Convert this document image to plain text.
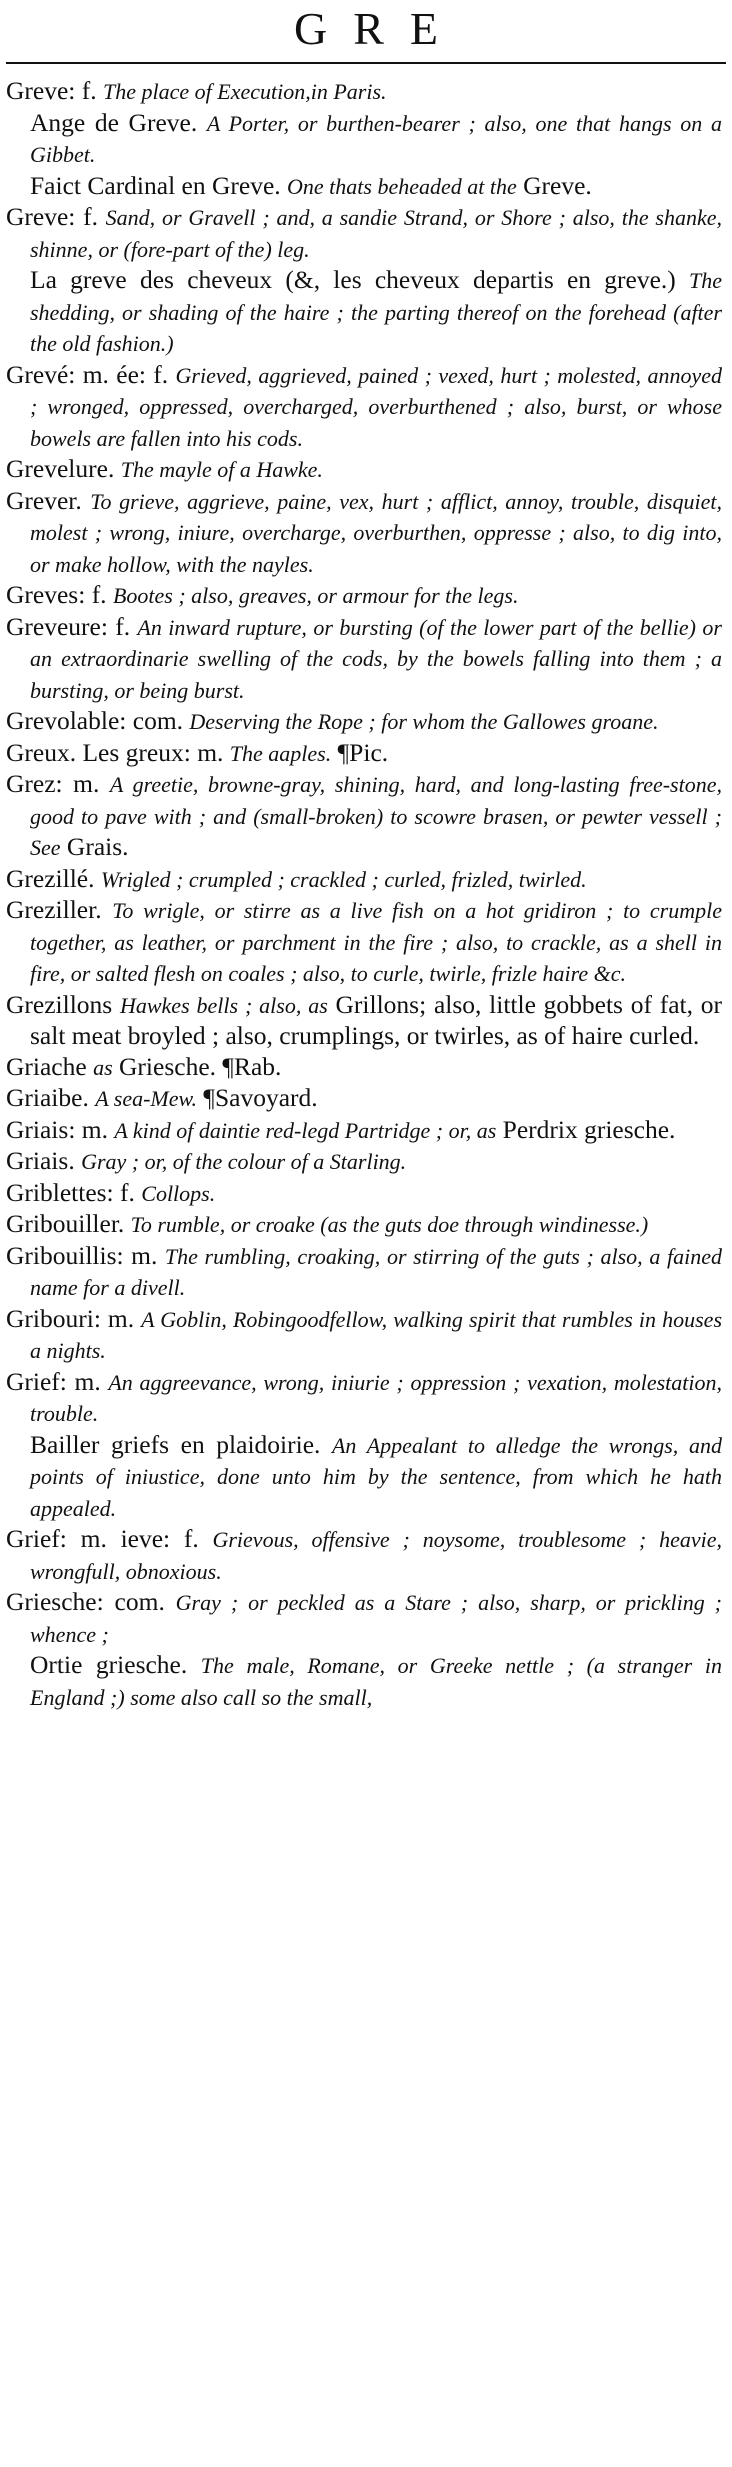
GRE

Greve: f. The place of Execution,in Paris.

Ange de Greve. A Porter, or burthen-bearer ; also, one that hangs on a Gibbet.

Faict Cardinal en Greve. One thats beheaded at the Greve.

Greve: f. Sand, or Gravell ; and, a sandie Strand, or Shore ; also, the shanke, shinne, or (fore-part of the) leg.

La greve des cheveux (&, les cheveux departis en greve.) The shedding, or shading of the haire ; the parting thereof on the forehead (after the old fashion.)

Grevé: m. ée: f. Grieved, aggrieved, pained ; vexed, hurt ; molested, annoyed ; wronged, oppressed, overcharged, overburthened ; also, burst, or whose bowels are fallen into his cods.

Grevelure. The mayle of a Hawke.

Grever. To grieve, aggrieve, paine, vex, hurt ; afflict, annoy, trouble, disquiet, molest ; wrong, iniure, overcharge, overburthen, oppresse ; also, to dig into, or make hollow, with the nayles.

Greves: f. Bootes ; also, greaves, or armour for the legs.

Greveure: f. An inward rupture, or bursting (of the lower part of the bellie) or an extraordinarie swelling of the cods, by the bowels falling into them ; a bursting, or being burst.

Grevolable: com. Deserving the Rope ; for whom the Gallowes groane.

Greux. Les greux: m. The aaples. ¶Pic.

Grez: m. A greetie, browne-gray, shining, hard, and long-lasting free-stone, good to pave with ; and (small-broken) to scowre brasen, or pewter vessell ; See Grais.

Grezillé. Wrigled ; crumpled ; crackled ; curled, frizled, twirled.

Greziller. To wrigle, or stirre as a live fish on a hot gridiron ; to crumple together, as leather, or parchment in the fire ; also, to crackle, as a shell in fire, or salted flesh on coales ; also, to curle, twirle, frizle haire &c.

Grezillons Hawkes bells ; also, as Grillons; also, little gobbets of fat, or salt meat broyled ; also, crumplings, or twirles, as of haire curled.

Griache as Griesche. ¶Rab.

Griaibe. A sea-Mew. ¶Savoyard.

Griais: m. A kind of daintie red-legd Partridge ; or, as Perdrix griesche.

Griais. Gray ; or, of the colour of a Starling.

Griblettes: f. Collops.

Gribouiller. To rumble, or croake (as the guts doe through windinesse.)

Gribouillis: m. The rumbling, croaking, or stirring of the guts ; also, a fained name for a divell.

Gribouri: m. A Goblin, Robingoodfellow, walking spirit that rumbles in houses a nights.

Grief: m. An aggreevance, wrong, iniurie ; oppression ; vexation, molestation, trouble.

Bailler griefs en plaidoirie. An Appealant to alledge the wrongs, and points of iniustice, done unto him by the sentence, from which he hath appealed.

Grief: m. ieve: f. Grievous, offensive ; noysome, troublesome ; heavie, wrongfull, obnoxious.

Griesche: com. Gray ; or peckled as a Stare ; also, sharp, or prickling ; whence ;

Ortie griesche. The male, Romane, or Greeke nettle ; (a stranger in England ;) some also call so the small,
